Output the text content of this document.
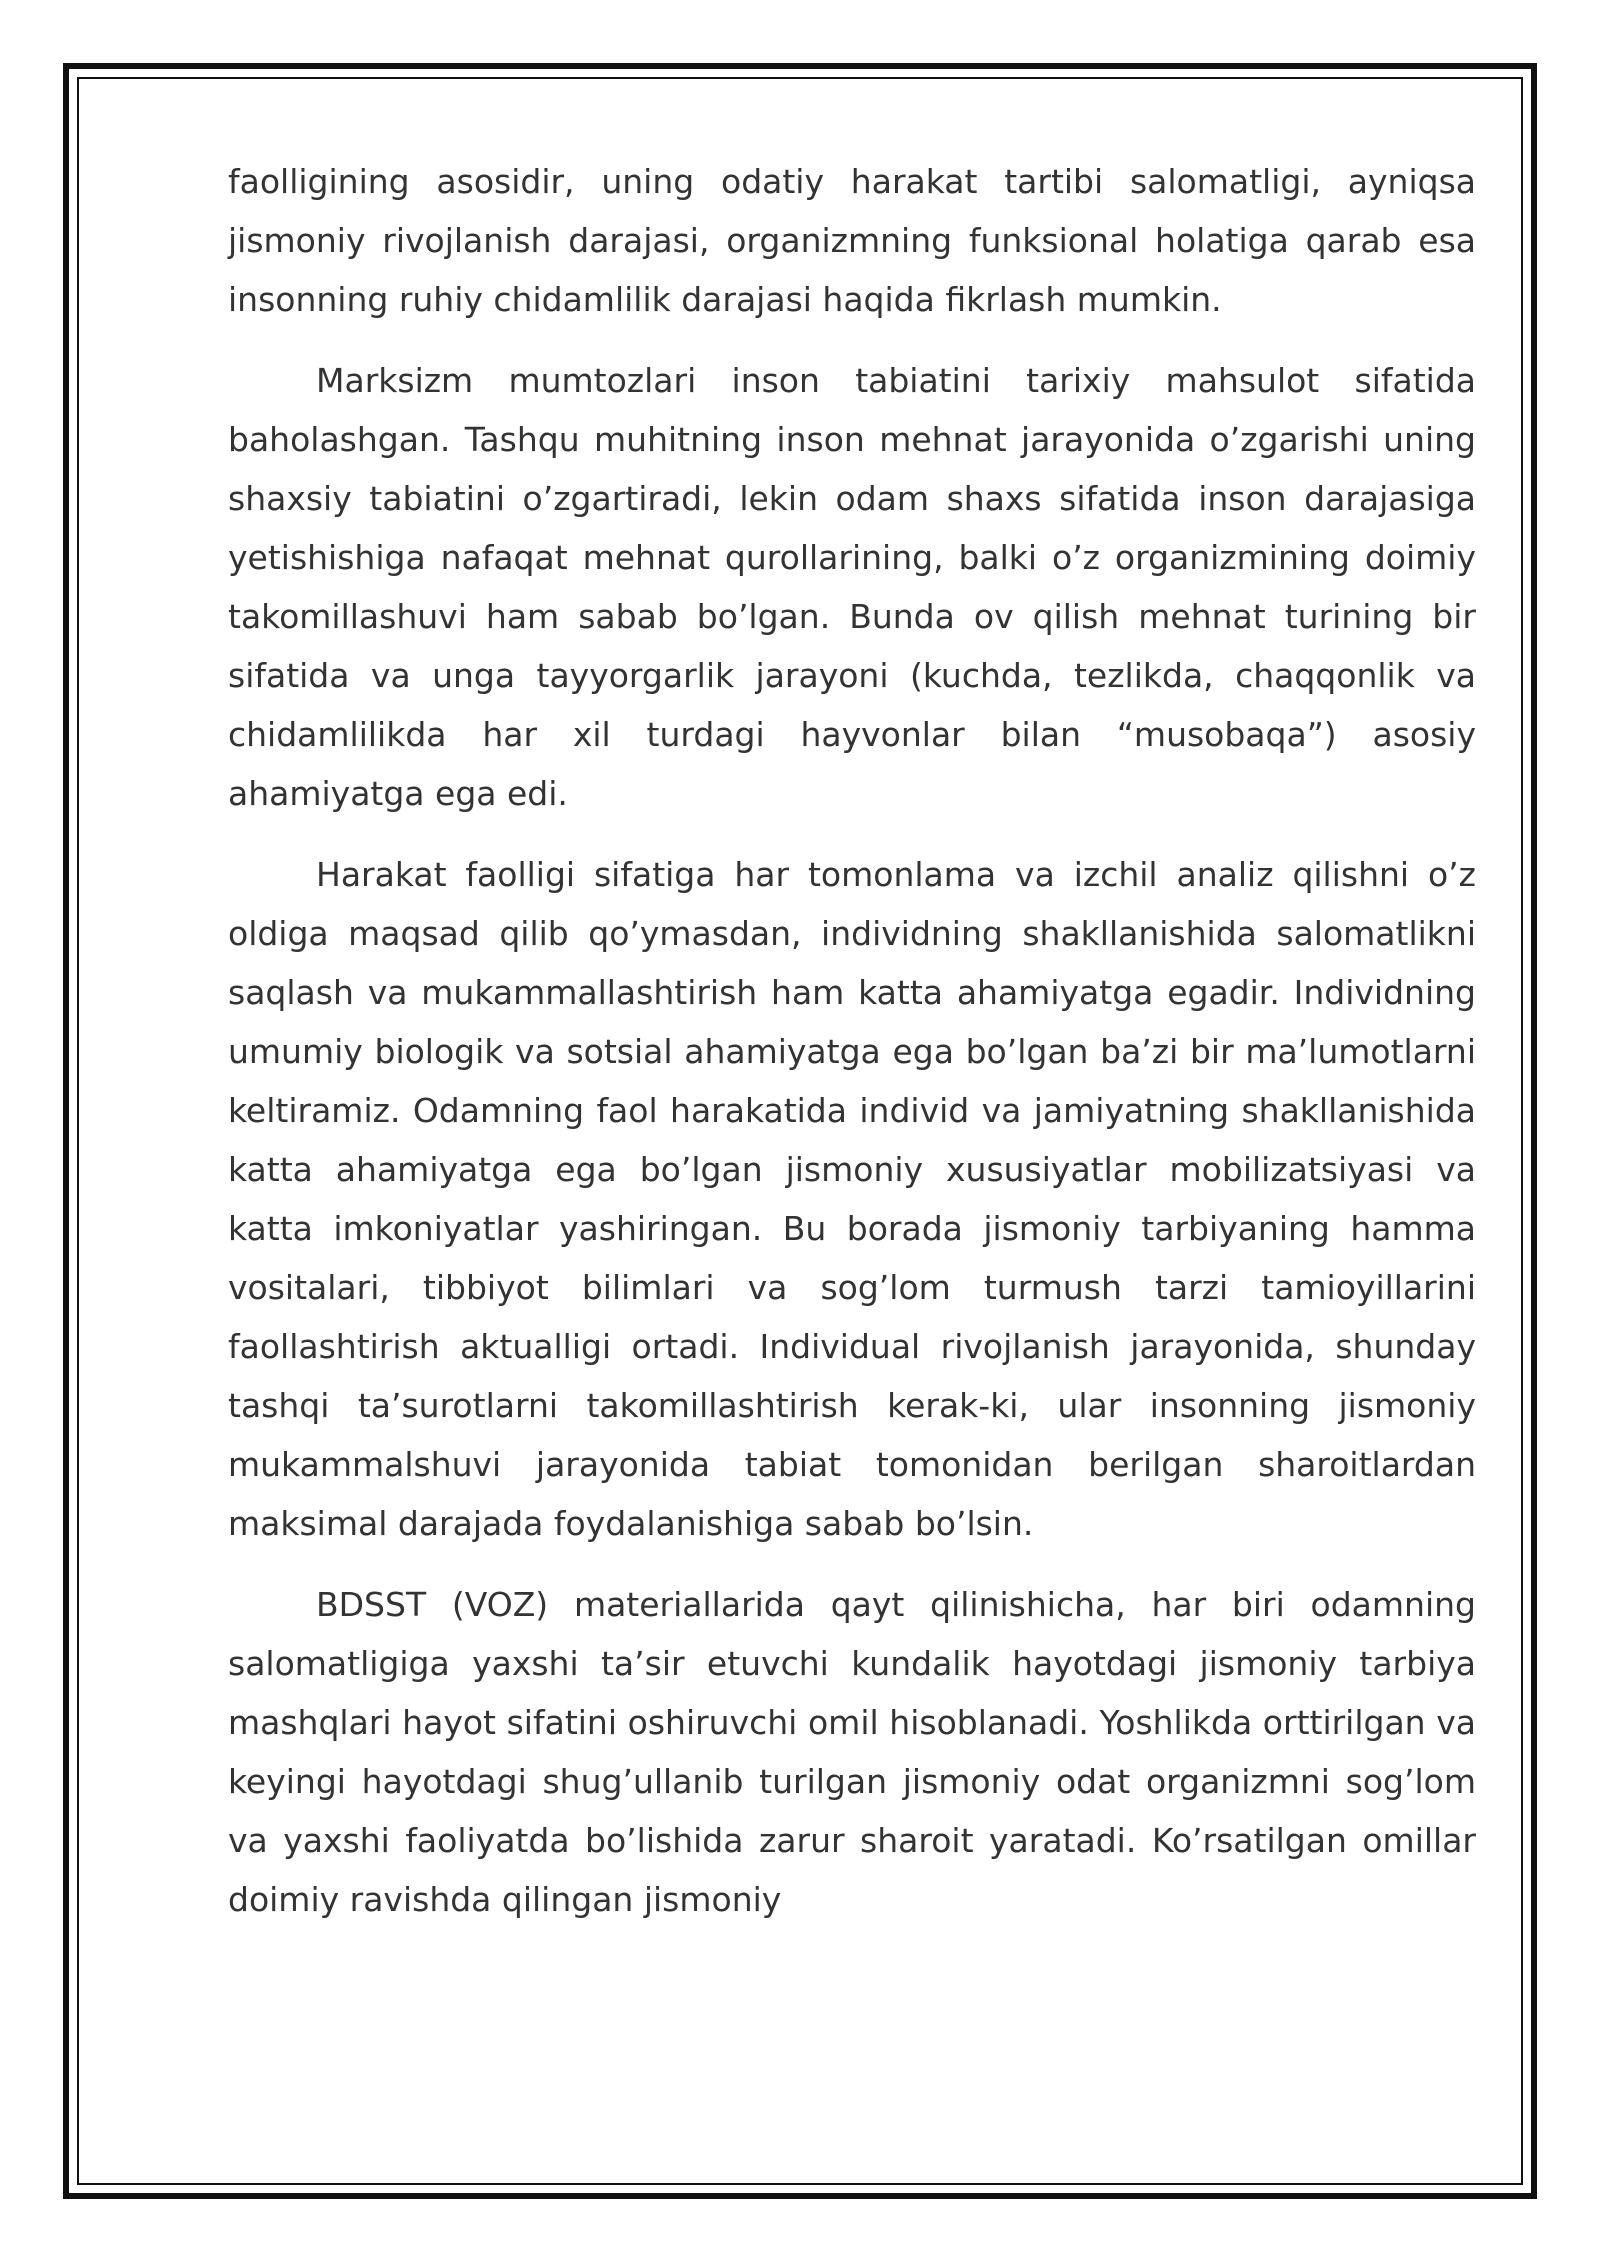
faolligining asosidir, uning odatiy harakat tartibi salomatligi, ayniqsa jismoniy rivojlanish darajasi, organizmning funksional holatiga qarab esa insonning ruhiy chidamlilik darajasi haqida fikrlash mumkin.

Marksizm mumtozlari inson tabiatini tarixiy mahsulot sifatida baholashgan. Tashqu muhitning inson mehnat jarayonida o’zgarishi uning shaxsiy tabiatini o’zgartiradi, lekin odam shaxs sifatida inson darajasiga yetishishiga nafaqat mehnat qurollarining, balki o’z organizmining doimiy takomillashuvi ham sabab bo’lgan. Bunda ov qilish mehnat turining bir sifatida va unga tayyorgarlik jarayoni (kuchda, tezlikda, chaqqonlik va chidamlilikda har xil turdagi hayvonlar bilan “musobaqa”) asosiy ahamiyatga ega edi.

Harakat faolligi sifatiga har tomonlama va izchil analiz qilishni o’z oldiga maqsad qilib qo’ymasdan, individning shakllanishida salomatlikni saqlash va mukammallashtirish ham katta ahamiyatga egadir. Individning umumiy biologik va sotsial ahamiyatga ega bo’lgan ba’zi bir ma’lumotlarni keltiramiz. Odamning faol harakatida individ va jamiyatning shakllanishida katta ahamiyatga ega bo’lgan jismoniy xususiyatlar mobilizatsiyasi va katta imkoniyatlar yashiringan. Bu borada jismoniy tarbiyaning hamma vositalari, tibbiyot bilimlari va sog’lom turmush tarzi tamioyillarini faollashtirish aktualligi ortadi. Individual rivojlanish jarayonida, shunday tashqi ta’surotlarni takomillashtirish kerak-ki, ular insonning jismoniy mukammalshuvi jarayonida tabiat tomonidan berilgan sharoitlardan maksimal darajada foydalanishiga sabab bo’lsin.

BDSST (VOZ) materiallarida qayt qilinishicha, har biri odamning salomatligiga yaxshi ta’sir etuvchi kundalik hayotdagi jismoniy tarbiya mashqlari hayot sifatini oshiruvchi omil hisoblanadi. Yoshlikda orttirilgan va keyingi hayotdagi shug’ullanib turilgan jismoniy odat organizmni sog’lom va yaxshi faoliyatda bo’lishida zarur sharoit yaratadi. Ko’rsatilgan omillar doimiy ravishda qilingan jismoniy
